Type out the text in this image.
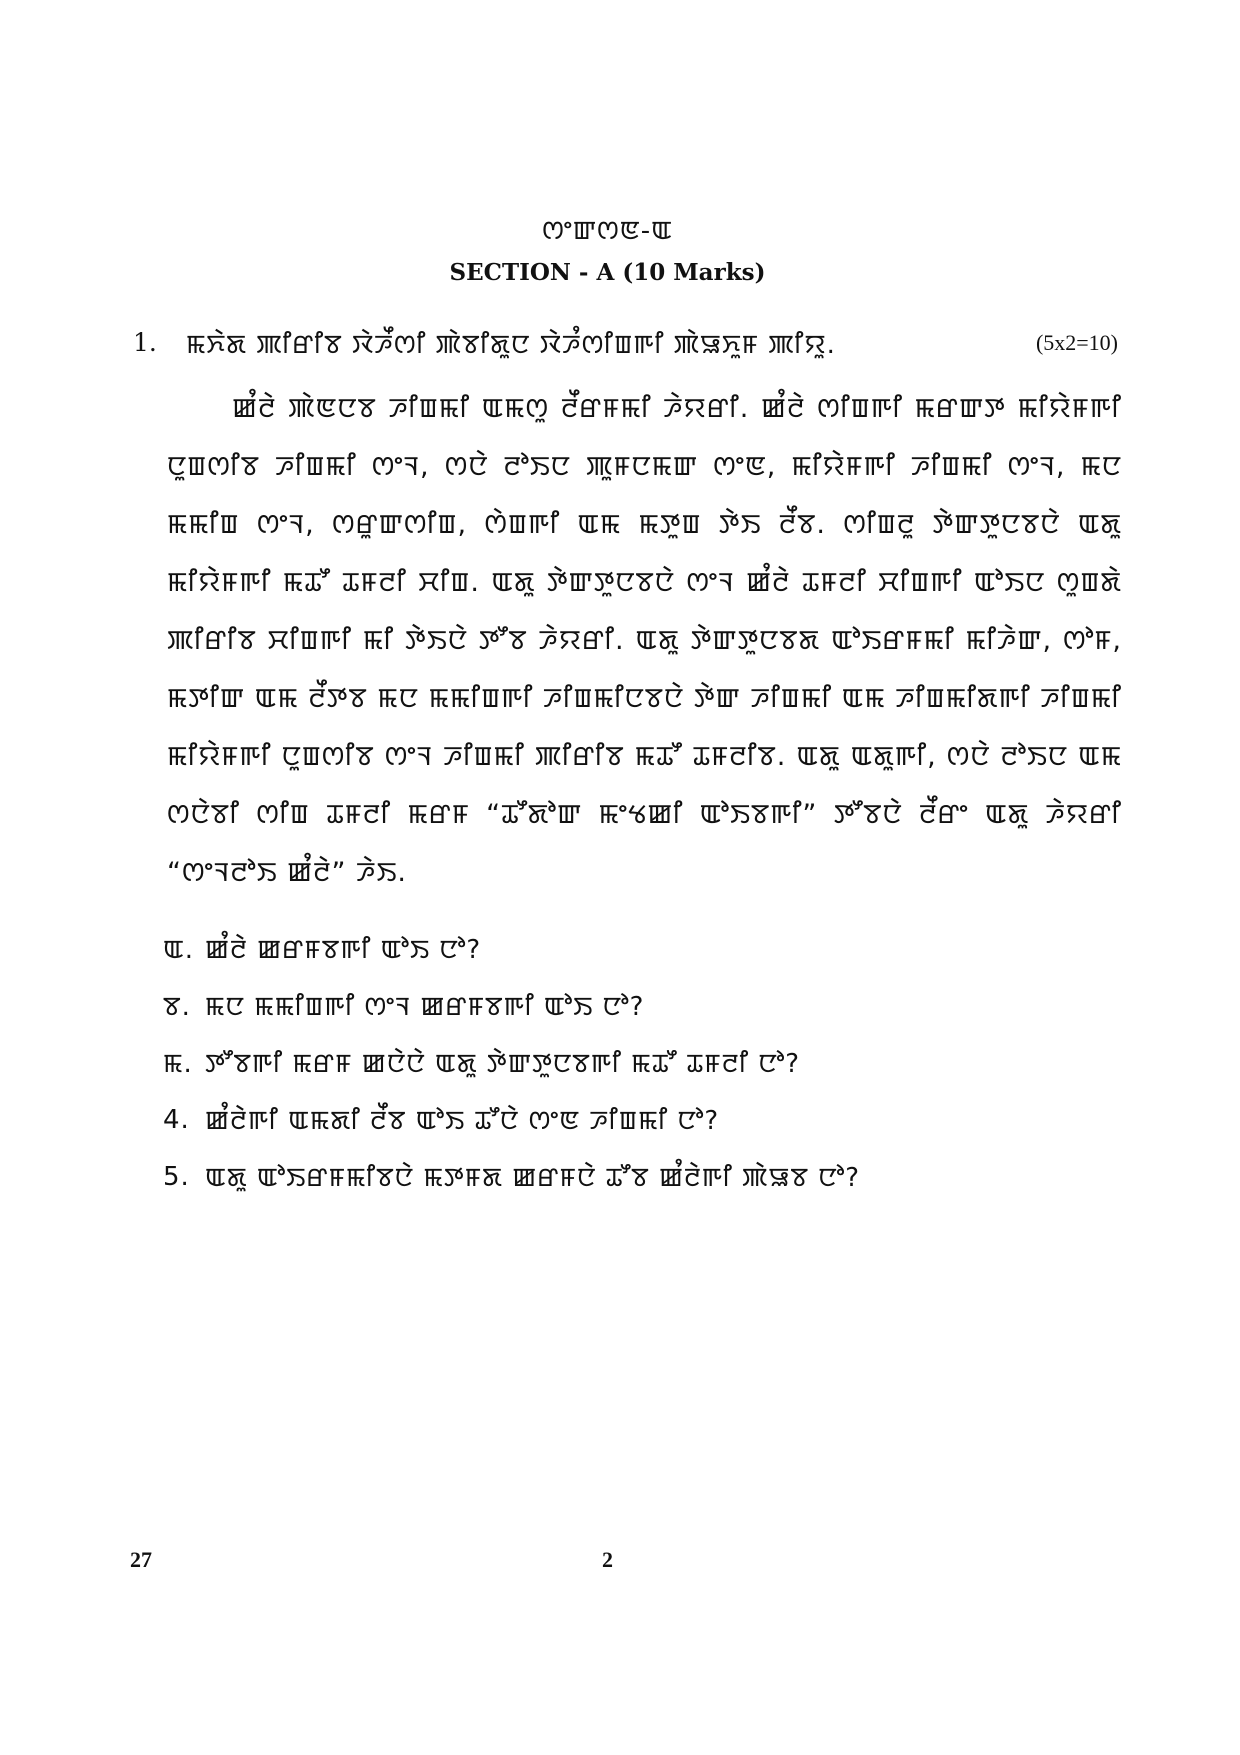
ꯁꯦꯛꯁꯟ-ꯑ
SECTION - A (10 Marks)
1. ꯃꯈꯥꯗ ꯄꯤꯔꯤꯕ ꯋꯥꯍꯩꯁꯤ ꯄꯥꯕꯤꯗꯨꯅ ꯋꯥꯍꯪꯁꯤꯡꯒꯤ ꯄꯥꯎꯈꯨꯝ ꯄꯤꯌꯨ.	(5x2=10)

ꯀꯪꯂꯥ ꯄꯥꯟꯅꯕ ꯍꯤꯡꯃꯤ ꯑꯃꯁꯨ ꯂꯩꯔꯝꯃꯤ ꯍꯥꯌꯔꯤ. ꯀꯪꯂꯥ ꯁꯤꯡꯒꯤ ꯃꯔꯛꯇ ꯃꯤꯌꯥꯝꯒꯤ ꯅꯨꯡꯁꯤꯕ ꯍꯤꯡꯃꯤ ꯁꯦꯜ, ꯁꯅꯥ ꯂꯣꯏꯅ ꯄꯨꯝꯅꯃꯛ ꯁꯦꯟ, ꯃꯤꯌꯥꯝꯒꯤ ꯍꯤꯡꯃꯤ ꯁꯦꯜ, ꯃꯅ ꯃꯃꯤꯡ ꯁꯦꯜ, ꯁꯔꯨꯛꯁꯤꯡ, ꯁꯥꯡꯒꯤ ꯑꯃ ꯃꯇꯨꯡ ꯇꯥꯏ ꯂꯩꯕ. ꯁꯤꯡꯂꯨ ꯇꯥꯛꯇꯨꯅꯕꯅꯥ ꯑꯗꯨ ꯃꯤꯌꯥꯝꯒꯤ ꯃꯊꯧ ꯊꯝꯂꯤ ꯆꯤꯡ. ꯑꯗꯨ ꯇꯥꯛꯇꯨꯅꯕꯅꯥ ꯁꯦꯜ ꯀꯪꯂꯥ ꯊꯝꯂꯤ ꯆꯤꯡꯒꯤ ꯑꯣꯏꯅ ꯁꯨꯡꯗꯥ ꯄꯤꯔꯤꯕ ꯆꯤꯡꯒꯤ ꯃꯤ ꯇꯥꯏꯅꯥ ꯇꯧꯕ ꯍꯥꯌꯔꯤ. ꯑꯗꯨ ꯇꯥꯛꯇꯨꯅꯕꯗ ꯑꯣꯏꯔꯝꯃꯤ ꯃꯤꯍꯥꯛ, ꯁꯣꯝ, ꯃꯇꯤꯛ ꯑꯃ ꯂꯩꯇꯕ ꯃꯅ ꯃꯃꯤꯡꯒꯤ ꯍꯤꯡꯃꯤꯅꯕꯅꯥ ꯇꯥꯛ ꯍꯤꯡꯃꯤ ꯑꯃ ꯍꯤꯡꯃꯤꯗꯒꯤ ꯍꯤꯡꯃꯤ ꯃꯤꯌꯥꯝꯒꯤ ꯅꯨꯡꯁꯤꯕ ꯁꯦꯜ ꯍꯤꯡꯃꯤ ꯄꯤꯔꯤꯕ ꯃꯊꯧ ꯊꯝꯂꯤꯕ. ꯑꯗꯨ ꯑꯗꯨꯒꯤ, ꯁꯅꯥ ꯂꯣꯏꯅ ꯑꯃ ꯁꯅꯥꯕꯤ ꯁꯤꯡ ꯊꯝꯂꯤ ꯃꯔꯝ “ꯊꯧꯗꯣꯛ ꯃꯦꯠꯀꯤ ꯑꯣꯏꯕꯒꯤ” ꯇꯧꯕꯅꯥ ꯂꯩꯔꯦ ꯑꯗꯨ ꯍꯥꯌꯔꯤ “ꯁꯦꯜꯂꯣꯏ ꯀꯪꯂꯥ” ꯍꯥꯏ.

ꯑ. ꯀꯪꯂꯥ ꯀꯔꯝꯕꯒꯤ ꯑꯣꯏ ꯅꯣ?
ꯕ. ꯃꯅ ꯃꯃꯤꯡꯒꯤ ꯁꯦꯜ ꯀꯔꯝꯕꯒꯤ ꯑꯣꯏ ꯅꯣ?
ꯃ. ꯇꯧꯕꯒꯤ ꯃꯔꯝ ꯀꯅꯥꯅꯥ ꯑꯗꯨ ꯇꯥꯛꯇꯨꯅꯕꯒꯤ ꯃꯊꯧ ꯊꯝꯂꯤ ꯅꯣ?
4. ꯀꯪꯂꯥꯒꯤ ꯑꯃꯗꯤ ꯂꯩꯕ ꯑꯣꯏ ꯊꯧꯅꯥ ꯁꯦꯟ ꯍꯤꯡꯃꯤ ꯅꯣ?
5. ꯑꯗꯨ ꯑꯣꯏꯔꯝꯃꯤꯕꯅꯥ ꯃꯇꯝꯗ ꯀꯔꯝꯅꯥ ꯊꯧꯕ ꯀꯪꯂꯥꯒꯤ ꯄꯥꯎꯕ ꯅꯣ?
27	2
